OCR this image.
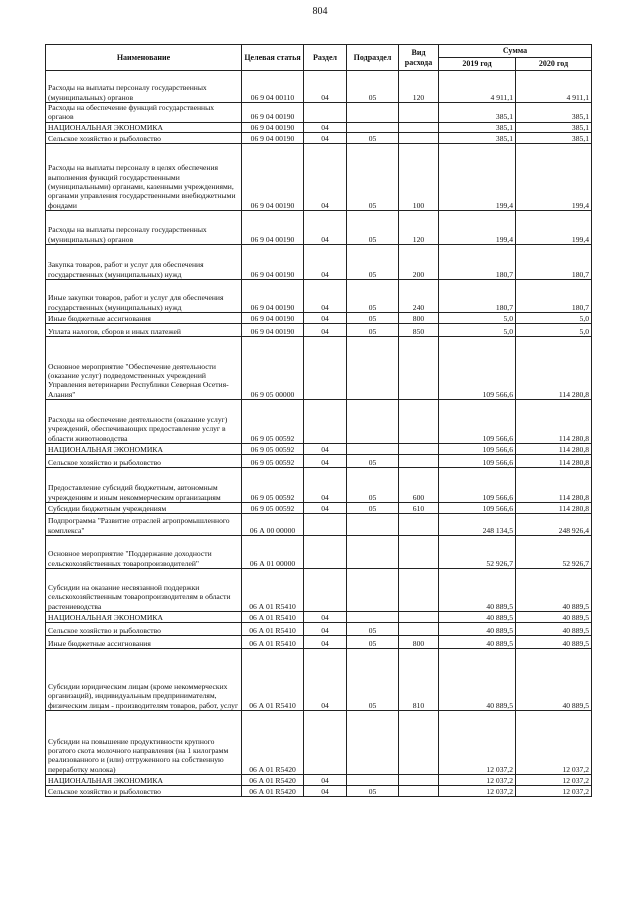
804
Наименование	Целевая статья	Раздел	Подраздел	Вид расхода	Сумма	
					2019 год	2020 год
Расходы на выплаты персоналу государственных (муниципальных) органов	06 9 04 00110	04	05	120	4 911,1	4 911,1
Расходы на обеспечение функций государственных органов	06 9 04 00190				385,1	385,1
НАЦИОНАЛЬНАЯ ЭКОНОМИКА	06 9 04 00190	04			385,1	385,1
Сельское хозяйство и рыболовство	06 9 04 00190	04	05		385,1	385,1
Расходы на выплаты персоналу в целях обеспечения выполнения функций государственными (муниципальными) органами, казенными учреждениями, органами управления государственными внебюджетными фондами	06 9 04 00190	04	05	100	199,4	199,4
Расходы на выплаты персоналу государственных (муниципальных) органов	06 9 04 00190	04	05	120	199,4	199,4
Закупка товаров, работ и услуг для обеспечения государственных (муниципальных) нужд	06 9 04 00190	04	05	200	180,7	180,7
Иные закупки товаров, работ и услуг для обеспечения государственных (муниципальных) нужд	06 9 04 00190	04	05	240	180,7	180,7
Иные бюджетные ассигнования	06 9 04 00190	04	05	800	5,0	5,0
Уплата налогов, сборов и иных платежей	06 9 04 00190	04	05	850	5,0	5,0
Основное мероприятие "Обеспечение деятельности (оказание услуг) подведомственных учреждений Управления ветеринарии Республики Северная Осетия-Алания"	06 9 05 00000				109 566,6	114 280,8
Расходы на обеспечение деятельности (оказание услуг) учреждений, обеспечивающих предоставление услуг в области животноводства	06 9 05 00592				109 566,6	114 280,8
НАЦИОНАЛЬНАЯ ЭКОНОМИКА	06 9 05 00592	04			109 566,6	114 280,8
Сельское хозяйство и рыболовство	06 9 05 00592	04	05		109 566,6	114 280,8
Предоставление субсидий бюджетным, автономным учреждениям и иным некоммерческим организациям	06 9 05 00592	04	05	600	109 566,6	114 280,8
Субсидии бюджетным учреждениям	06 9 05 00592	04	05	610	109 566,6	114 280,8
Подпрограмма "Развитие отраслей агропромышленного комплекса"	06 А 00 00000				248 134,5	248 926,4
Основное мероприятие "Поддержание доходности сельскохозяйственных товаропроизводителей"	06 А 01 00000				52 926,7	52 926,7
Субсидии на оказание несвязанной поддержки сельскохозяйственным товаропроизводителям в области растениеводства	06 А 01 R5410				40 889,5	40 889,5
НАЦИОНАЛЬНАЯ ЭКОНОМИКА	06 А 01 R5410	04			40 889,5	40 889,5
Сельское хозяйство и рыболовство	06 А 01 R5410	04	05		40 889,5	40 889,5
Иные бюджетные ассигнования	06 А 01 R5410	04	05	800	40 889,5	40 889,5
Субсидии юридическим лицам (кроме некоммерческих организаций), индивидуальным предпринимателям, физическим лицам - производителям товаров, работ, услуг	06 А 01 R5410	04	05	810	40 889,5	40 889,5
Субсидии на повышение продуктивности крупного рогатого скота молочного направления (на 1 килограмм реализованного и (или) отгруженного на собственную переработку молока)	06 А 01 R5420				12 037,2	12 037,2
НАЦИОНАЛЬНАЯ ЭКОНОМИКА	06 А 01 R5420	04			12 037,2	12 037,2
Сельское хозяйство и рыболовство	06 А 01 R5420	04	05		12 037,2	12 037,2
